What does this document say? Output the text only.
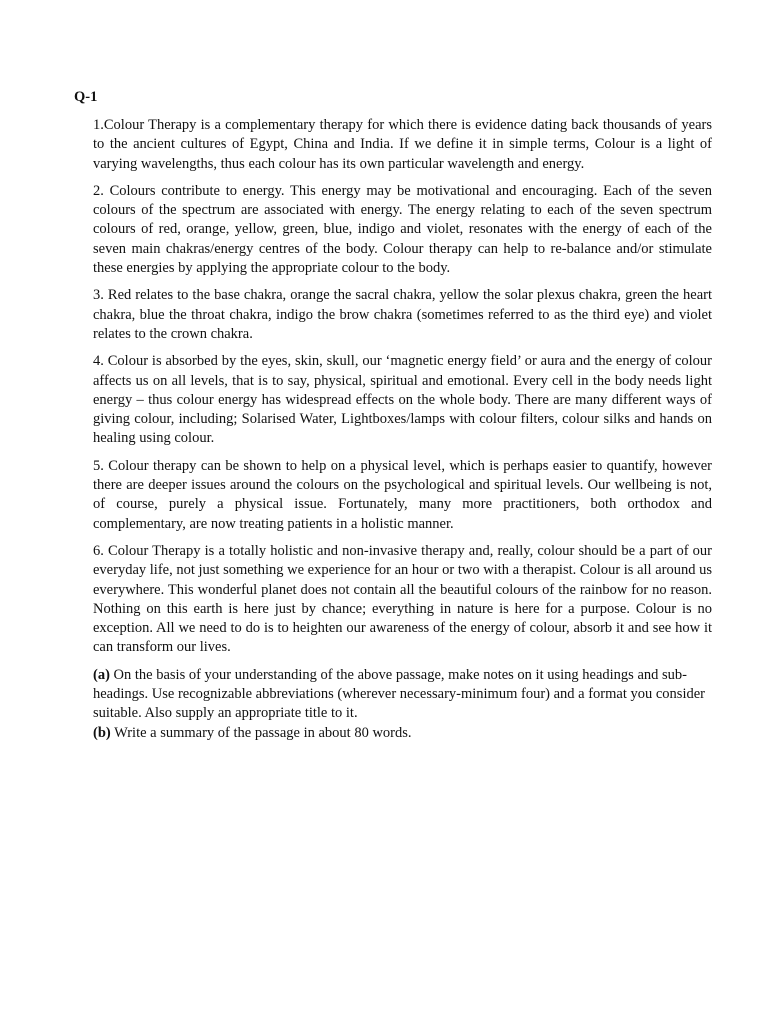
Q-1

1.Colour Therapy is a complementary therapy for which there is evidence dating back thousands of years to the ancient cultures of Egypt, China and India. If we define it in simple terms, Colour is a light of varying wavelengths, thus each colour has its own particular wavelength and energy.

2. Colours contribute to energy. This energy may be motivational and encouraging. Each of the seven colours of the spectrum are associated with energy. The energy relating to each of the seven spectrum colours of red, orange, yellow, green, blue, indigo and violet, resonates with the energy of each of the seven main chakras/energy centres of the body. Colour therapy can help to re-balance and/or stimulate these energies by applying the appropriate colour to the body.

3. Red relates to the base chakra, orange the sacral chakra, yellow the solar plexus chakra, green the heart chakra, blue the throat chakra, indigo the brow chakra (sometimes referred to as the third eye) and violet relates to the crown chakra.

4. Colour is absorbed by the eyes, skin, skull, our ‘magnetic energy field’ or aura and the energy of colour affects us on all levels, that is to say, physical, spiritual and emotional. Every cell in the body needs light energy – thus colour energy has widespread effects on the whole body. There are many different ways of giving colour, including; Solarised Water, Lightboxes/lamps with colour filters, colour silks and hands on healing using colour.

5. Colour therapy can be shown to help on a physical level, which is perhaps easier to quantify, however there are deeper issues around the colours on the psychological and spiritual levels. Our wellbeing is not, of course, purely a physical issue. Fortunately, many more practitioners, both orthodox and complementary, are now treating patients in a holistic manner.

6. Colour Therapy is a totally holistic and non-invasive therapy and, really, colour should be a part of our everyday life, not just something we experience for an hour or two with a therapist. Colour is all around us everywhere. This wonderful planet does not contain all the beautiful colours of the rainbow for no reason. Nothing on this earth is here just by chance; everything in nature is here for a purpose. Colour is no exception. All we need to do is to heighten our awareness of the energy of colour, absorb it and see how it can transform our lives.

(a) On the basis of your understanding of the above passage, make notes on it using headings and sub- headings. Use recognizable abbreviations (wherever necessary-minimum four) and a format you consider suitable. Also supply an appropriate title to it.
(b) Write a summary of the passage in about 80 words.
